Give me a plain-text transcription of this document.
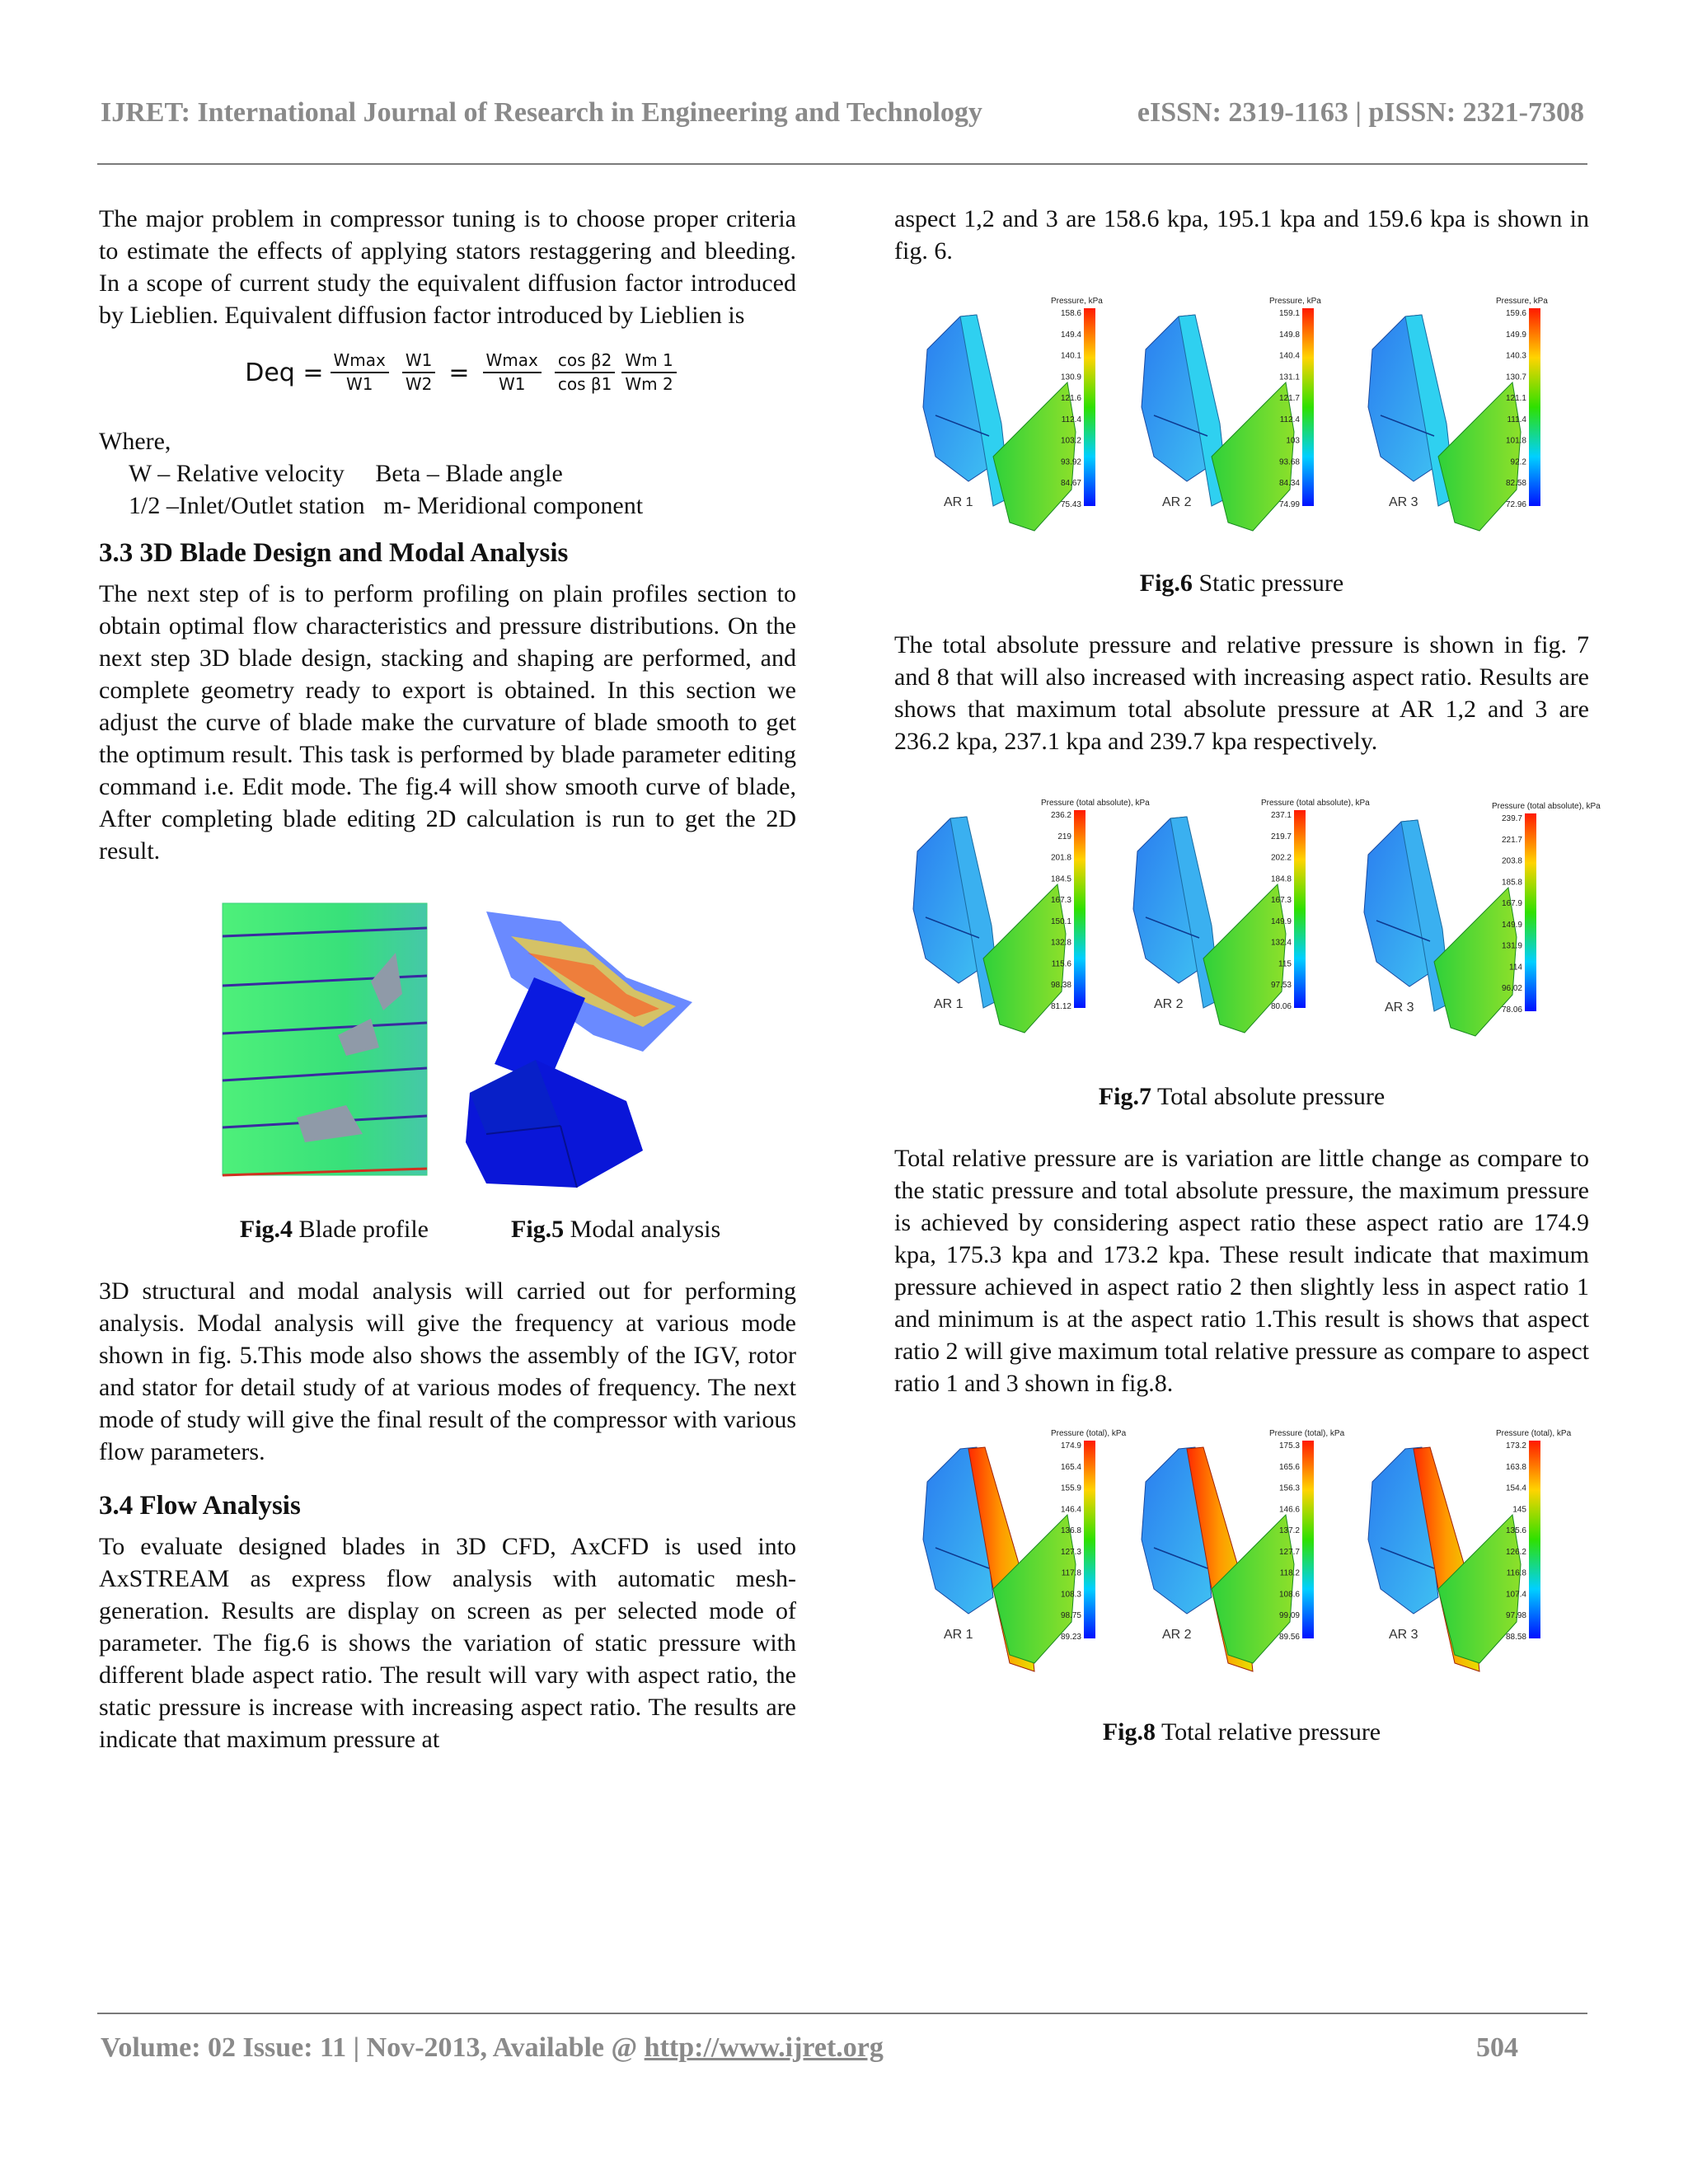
IJRET: International Journal of Research in Engineering and Technology	eISSN: 2319-1163 | pISSN: 2321-7308

The major problem in compressor tuning is to choose proper criteria to estimate the effects of applying stators restaggering and bleeding. In a scope of current study the equivalent diffusion factor introduced by Lieblien. Equivalent diffusion factor introduced by Lieblien is

Deq = $\frac{Wmax}{W1} \frac{W1}{W2} = \frac{Wmax}{W1} \frac{\text{cos β2}}{\text{cos β1}} \frac{Wm 1}{Wm 2}$

Where,

W – Relative velocity     Beta – Blade angle

1/2 –Inlet/Outlet station   m- Meridional component

3.3 3D Blade Design and Modal Analysis

The next step of is to perform profiling on plain profiles section to obtain optimal flow characteristics and pressure distributions. On the next step 3D blade design, stacking and shaping are performed, and complete geometry ready to export is obtained. In this section we adjust the curve of blade make the curvature of blade smooth to get the optimum result. This task is performed by blade parameter editing command i.e. Edit mode. The fig.4 will show smooth curve of blade, After completing blade editing 2D calculation is run to get the 2D result.

Fig.4 Blade profile	Fig.5 Modal analysis

3D structural and modal analysis will carried out for performing analysis. Modal analysis will give the frequency at various mode shown in fig. 5.This mode also shows the assembly of the IGV, rotor and stator for detail study of at various modes of frequency. The next mode of study will give the final result of the compressor with various flow parameters.

3.4 Flow Analysis

To evaluate designed blades in 3D CFD, AxCFD is used into AxSTREAM as express flow analysis with automatic mesh-generation. Results are display on screen as per selected mode of parameter. The fig.6 is shows the variation of static pressure with different blade aspect ratio. The result will vary with aspect ratio, the static pressure is increase with increasing aspect ratio. The results are indicate that maximum pressure at

aspect 1,2 and 3 are 158.6 kpa, 195.1 kpa and 159.6 kpa is shown in fig. 6.

AR 1
Pressure, kPa
158.6
149.4
140.1
130.9
121.6
112.4
103.2
93.92
84.67
75.43	AR 2
Pressure, kPa
159.1
149.8
140.4
131.1
121.7
112.4
103
93.68
84.34
74.99	AR 3
Pressure, kPa
159.6
149.9
140.3
130.7
121.1
111.4
101.8
92.2
82.58
72.96
Fig.6 Static pressure

The total absolute pressure and relative pressure is shown in fig. 7 and 8 that will also increased with increasing aspect ratio. Results are shows that maximum total absolute pressure at AR 1,2 and 3 are 236.2 kpa, 237.1 kpa and 239.7 kpa respectively.

AR 1
Pressure (total absolute), kPa
236.2
219
201.8
184.5
167.3
150.1
132.8
115.6
98.38
81.12	AR 2
Pressure (total absolute), kPa
237.1
219.7
202.2
184.8
167.3
149.9
132.4
115
97.53
80.06	AR 3
Pressure (total absolute), kPa
239.7
221.7
203.8
185.8
167.9
149.9
131.9
114
96.02
78.06
Fig.7 Total absolute pressure

Total relative pressure are is variation are little change as compare to the static pressure and total absolute pressure, the maximum pressure is achieved by considering aspect ratio these aspect ratio are 174.9 kpa, 175.3 kpa and 173.2 kpa. These result indicate that maximum pressure achieved in aspect ratio 2 then slightly less in aspect ratio 1 and minimum is at the aspect ratio 1.This result is shows that aspect ratio 2 will give maximum total relative pressure as compare to aspect ratio 1 and 3 shown in fig.8.

AR 1
Pressure (total), kPa
174.9
165.4
155.9
146.4
136.8
127.3
117.8
108.3
98.75
89.23	AR 2
Pressure (total), kPa
175.3
165.6
156.3
146.6
137.2
127.7
118.2
108.6
99.09
89.56	AR 3
Pressure (total), kPa
173.2
163.8
154.4
145
135.6
126.2
116.8
107.4
97.98
88.58
Fig.8 Total relative pressure
Volume: 02 Issue: 11 | Nov-2013, Available @ http://www.ijret.org	504
